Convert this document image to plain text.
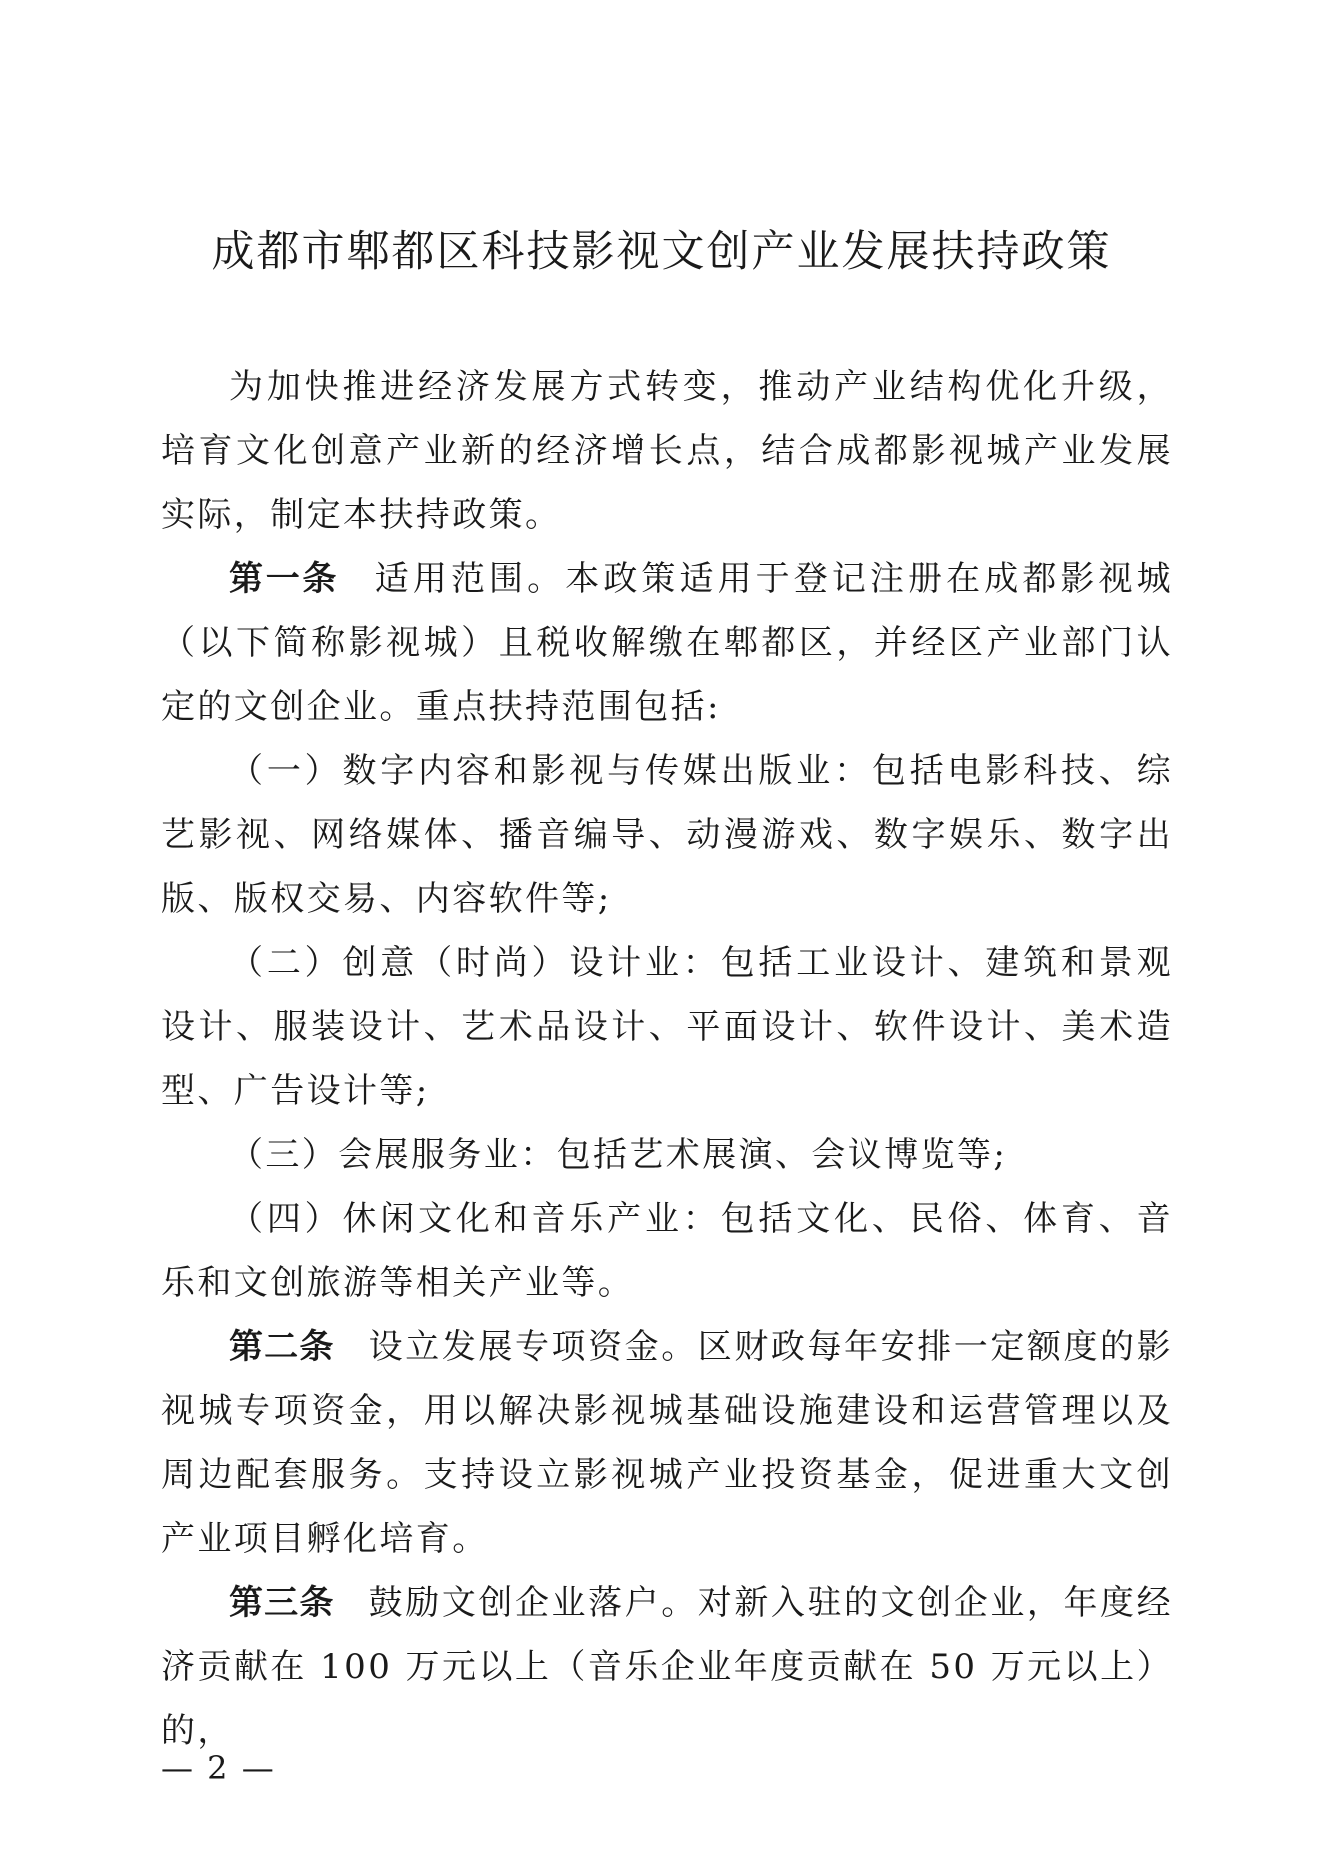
成都市郫都区科技影视文创产业发展扶持政策

为加快推进经济发展方式转变，推动产业结构优化升级，培育文化创意产业新的经济增长点，结合成都影视城产业发展实际，制定本扶持政策。

第一条 适用范围。本政策适用于登记注册在成都影视城（以下简称影视城）且税收解缴在郫都区，并经区产业部门认定的文创企业。重点扶持范围包括:

（一）数字内容和影视与传媒出版业：包括电影科技、综艺影视、网络媒体、播音编导、动漫游戏、数字娱乐、数字出版、版权交易、内容软件等;

（二）创意（时尚）设计业：包括工业设计、建筑和景观设计、服装设计、艺术品设计、平面设计、软件设计、美术造型、广告设计等;

（三）会展服务业：包括艺术展演、会议博览等;

（四）休闲文化和音乐产业：包括文化、民俗、体育、音乐和文创旅游等相关产业等。

第二条 设立发展专项资金。区财政每年安排一定额度的影视城专项资金，用以解决影视城基础设施建设和运营管理以及周边配套服务。支持设立影视城产业投资基金，促进重大文创产业项目孵化培育。

第三条 鼓励文创企业落户。对新入驻的文创企业，年度经济贡献在 100 万元以上（音乐企业年度贡献在 50 万元以上）的，

— 2 —
